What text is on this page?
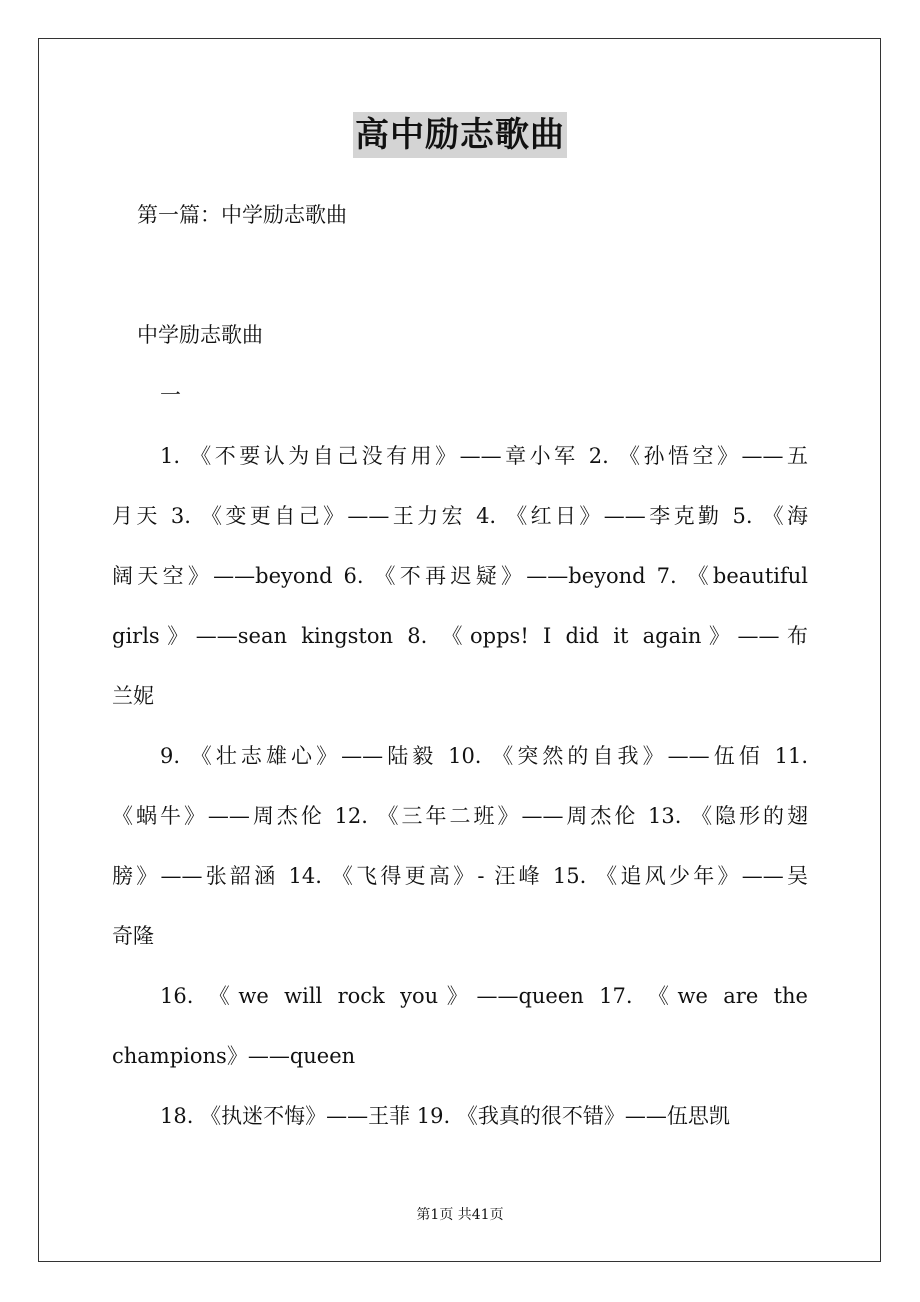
高中励志歌曲
第一篇：中学励志歌曲
中学励志歌曲
一
1. 《不要认为自己没有用》——章小军 2. 《孙悟空》——五
月天 3. 《变更自己》——王力宏 4. 《红日》——李克勤 5. 《海
阔天空》——beyond 6. 《不再迟疑》——beyond 7. 《beautiful
girls》——sean kingston 8. 《opps! I did it again》——布
兰妮
9. 《壮志雄心》——陆毅 10. 《突然的自我》——伍佰 11.
《蜗牛》——周杰伦 12. 《三年二班》——周杰伦 13. 《隐形的翅
膀》——张韶涵 14. 《飞得更高》- 汪峰 15. 《追风少年》——吴
奇隆
16. 《we will rock you》——queen 17. 《we are the
champions》——queen
18. 《执迷不悔》——王菲 19. 《我真的很不错》——伍思凯
第1页 共41页
